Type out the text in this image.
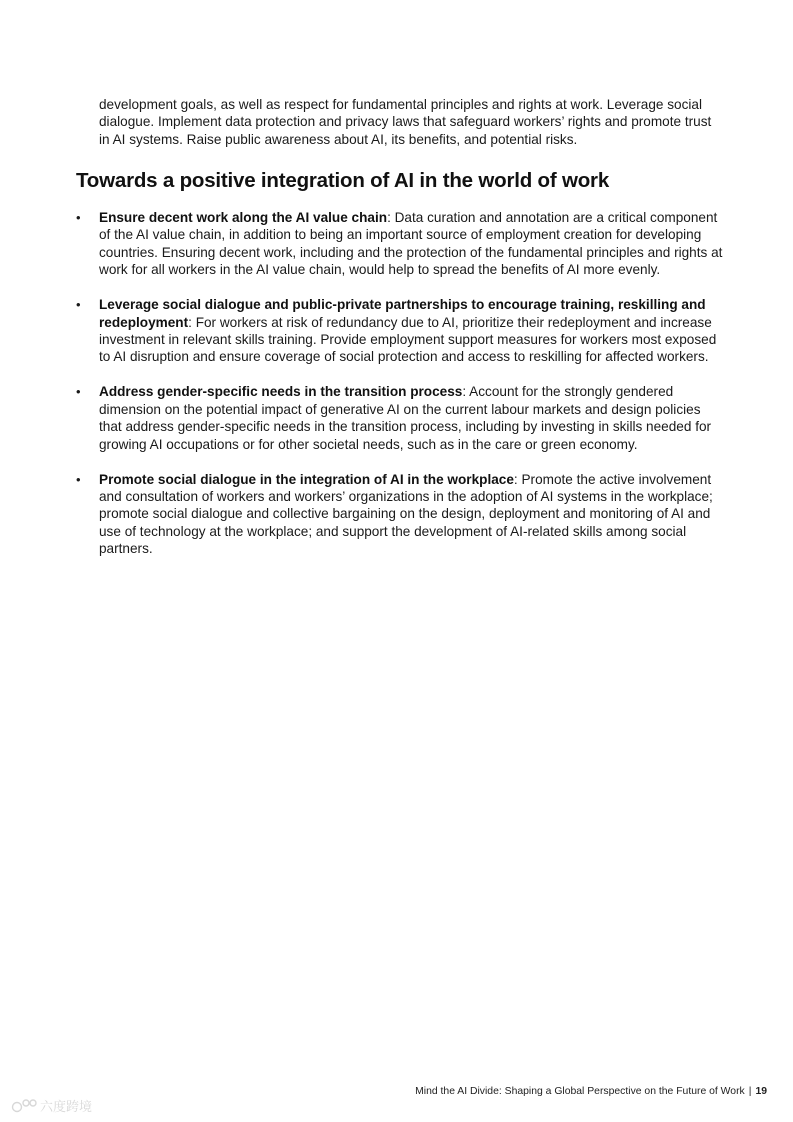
development goals, as well as respect for fundamental principles and rights at work. Leverage social dialogue. Implement data protection and privacy laws that safeguard workers’ rights and promote trust in AI systems. Raise public awareness about AI, its benefits, and potential risks.

Towards a positive integration of AI in the world of work
•	Ensure decent work along the AI value chain: Data curation and annotation are a critical component of the AI value chain, in addition to being an important source of employment creation for developing countries. Ensuring decent work, including and the protection of the fundamental principles and rights at work for all workers in the AI value chain, would help to spread the benefits of AI more evenly.
•	Leverage social dialogue and public-private partnerships to encourage training, reskilling and redeployment: For workers at risk of redundancy due to AI, prioritize their redeployment and increase investment in relevant skills training. Provide employment support measures for workers most exposed to AI disruption and ensure coverage of social protection and access to reskilling for affected workers.
•	Address gender-specific needs in the transition process: Account for the strongly gendered dimension on the potential impact of generative AI on the current labour markets and design policies that address gender-specific needs in the transition process, including by investing in skills needed for growing AI occupations or for other societal needs, such as in the care or green economy.
•	Promote social dialogue in the integration of AI in the workplace: Promote the active involvement and consultation of workers and workers’ organizations in the adoption of AI systems in the workplace; promote social dialogue and collective bargaining on the design, deployment and monitoring of AI and use of technology at the workplace; and support the development of AI-related skills among social partners.
Mind the AI Divide: Shaping a Global Perspective on the Future of Work | 19
六度跨境
